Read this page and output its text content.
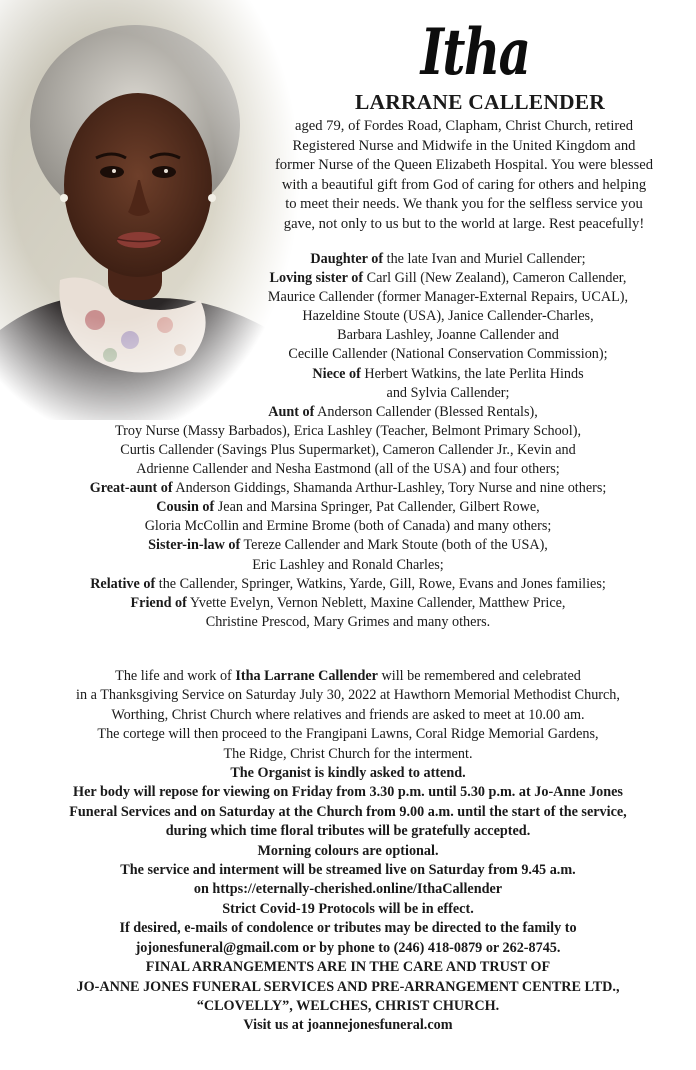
Itha
LARRANE CALLENDER

aged 79, of Fordes Road, Clapham, Christ Church, retired
Registered Nurse and Midwife in the United Kingdom and
former Nurse of the Queen Elizabeth Hospital. You were blessed
with a beautiful gift from God of caring for others and helping
to meet their needs. We thank you for the selfless service you
gave, not only to us but to the world at large. Rest peacefully!

Daughter of the late Ivan and Muriel Callender;
Loving sister of Carl Gill (New Zealand), Cameron Callender,
Maurice Callender (former Manager-External Repairs, UCAL),
Hazeldine Stoute (USA), Janice Callender-Charles,
Barbara Lashley, Joanne Callender and
Cecille Callender (National Conservation Commission);
Niece of Herbert Watkins, the late Perlita Hinds
and Sylvia Callender;
Aunt of Anderson Callender (Blessed Rentals),
Troy Nurse (Massy Barbados), Erica Lashley (Teacher, Belmont Primary School),
Curtis Callender (Savings Plus Supermarket), Cameron Callender Jr., Kevin and
Adrienne Callender and Nesha Eastmond (all of the USA) and four others;
Great-aunt of Anderson Giddings, Shamanda Arthur-Lashley, Tory Nurse and nine others;
Cousin of Jean and Marsina Springer, Pat Callender, Gilbert Rowe,
Gloria McCollin and Ermine Brome (both of Canada) and many others;
Sister-in-law of Tereze Callender and Mark Stoute (both of the USA),
Eric Lashley and Ronald Charles;
Relative of the Callender, Springer, Watkins, Yarde, Gill, Rowe, Evans and Jones families;
Friend of Yvette Evelyn, Vernon Neblett, Maxine Callender, Matthew Price,
Christine Prescod, Mary Grimes and many others.
The life and work of Itha Larrane Callender will be remembered and celebrated
in a Thanksgiving Service on Saturday July 30, 2022 at Hawthorn Memorial Methodist Church,
Worthing, Christ Church where relatives and friends are asked to meet at 10.00 am.
The cortege will then proceed to the Frangipani Lawns, Coral Ridge Memorial Gardens,
The Ridge, Christ Church for the interment.
The Organist is kindly asked to attend.
Her body will repose for viewing on Friday from 3.30 p.m. until 5.30 p.m. at Jo-Anne Jones
Funeral Services and on Saturday at the Church from 9.00 a.m. until the start of the service,
during which time floral tributes will be gratefully accepted.
Morning colours are optional.
The service and interment will be streamed live on Saturday from 9.45 a.m.
on https://eternally-cherished.online/IthaCallender
Strict Covid-19 Protocols will be in effect.
If desired, e-mails of condolence or tributes may be directed to the family to
jojonesfuneral@gmail.com or by phone to (246) 418-0879 or 262-8745.
FINAL ARRANGEMENTS ARE IN THE CARE AND TRUST OF
JO-ANNE JONES FUNERAL SERVICES AND PRE-ARRANGEMENT CENTRE LTD.,
“CLOVELLY”, WELCHES, CHRIST CHURCH.
Visit us at joannejonesfuneral.com
